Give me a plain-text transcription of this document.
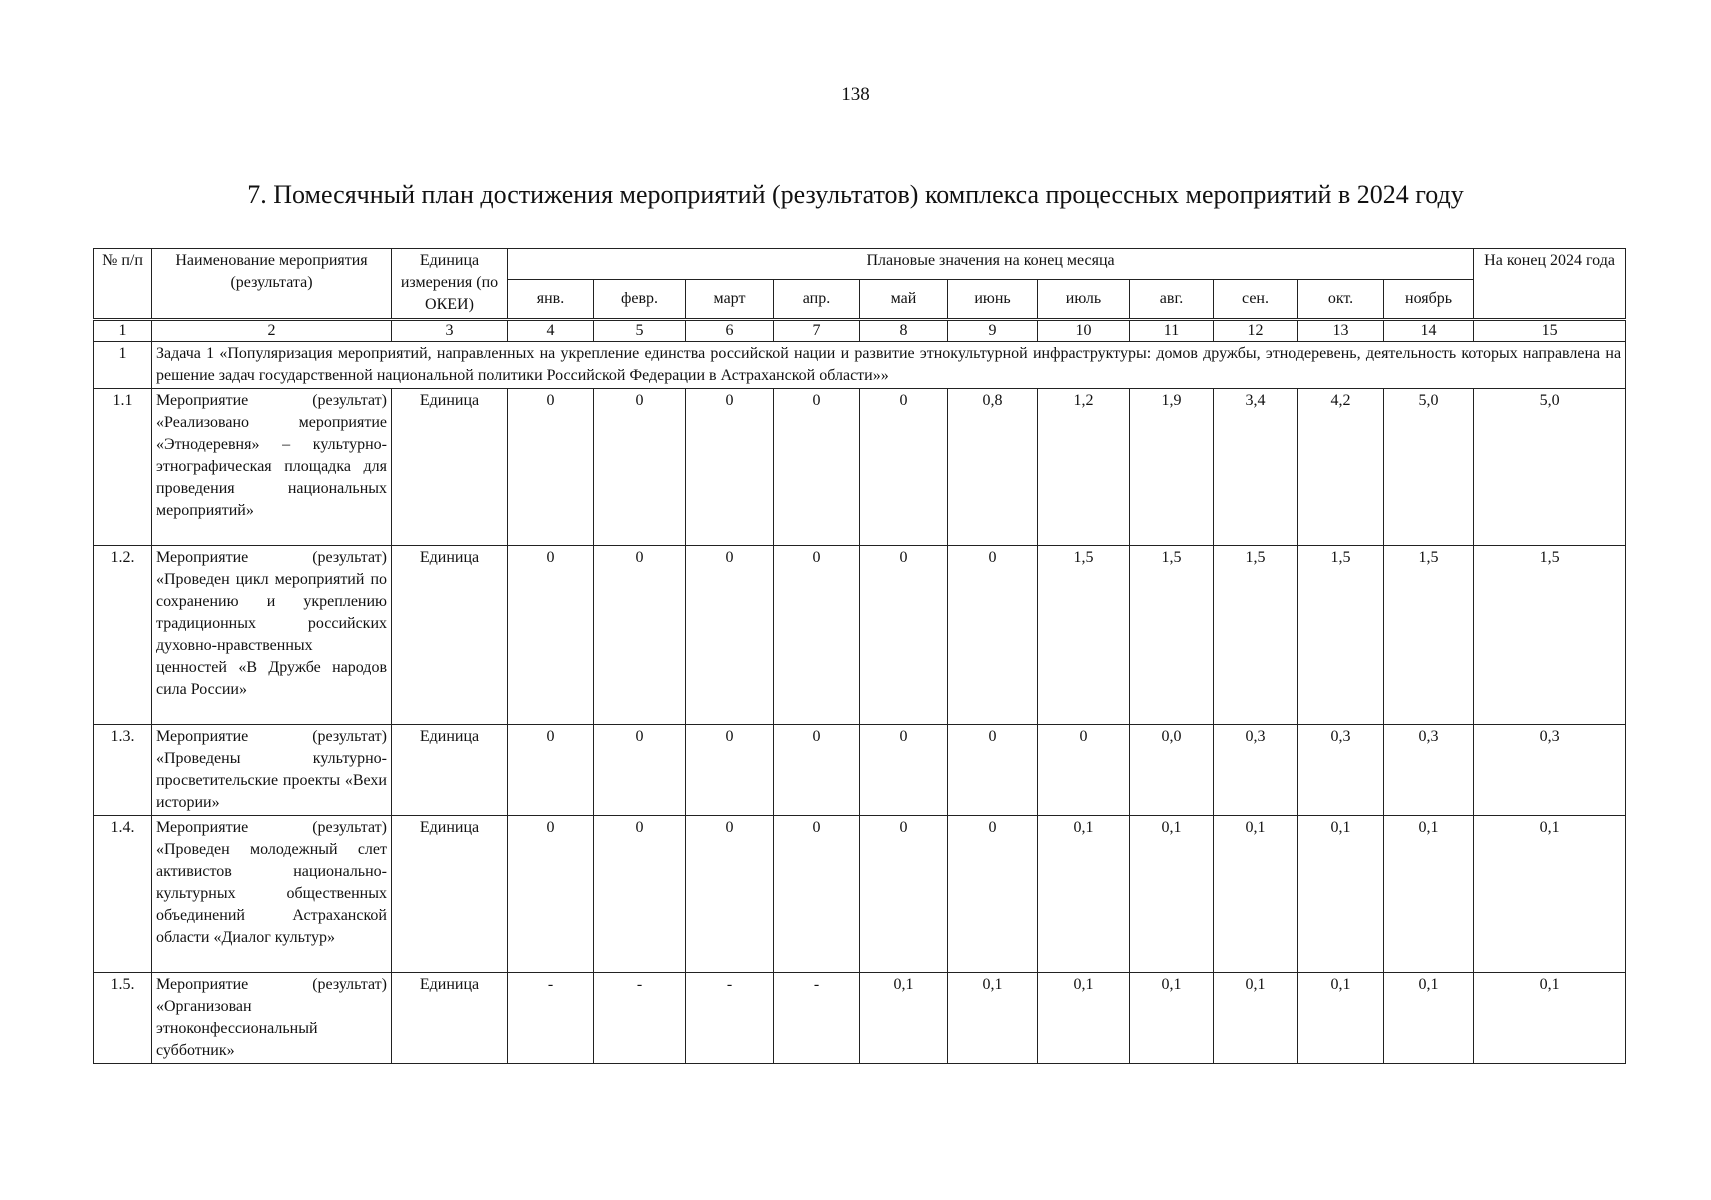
138
7. Помесячный план достижения мероприятий (результатов) комплекса процессных мероприятий в 2024 году
№ п/п	Наименование мероприятия (результата)	Единица измерения (по ОКЕИ)	Плановые значения на конец месяца											На конец 2024 года
			янв.	февр.	март	апр.	май	июнь	июль	авг.	сен.	окт.	ноябрь	
1	2	3	4	5	6	7	8	9	10	11	12	13	14	15
1	Задача 1 «Популяризация мероприятий, направленных на укрепление единства российской нации и развитие этнокультурной инфраструктуры: домов дружбы, этнодеревень, деятельность которых направлена на решение задач государственной национальной политики Российской Федерации в Астраханской области»»													
1.1	Мероприятие (результат) «Реализовано мероприятие «Этнодеревня» – культурно-этнографическая площадка для проведения национальных мероприятий»	Единица	0	0	0	0	0	0,8	1,2	1,9	3,4	4,2	5,0	5,0
1.2.	Мероприятие (результат) «Проведен цикл мероприятий по сохранению и укреплению традиционных российских духовно-нравственных ценностей «В Дружбе народов сила России»	Единица	0	0	0	0	0	0	1,5	1,5	1,5	1,5	1,5	1,5
1.3.	Мероприятие (результат) «Проведены культурно-просветительские проекты «Вехи истории»	Единица	0	0	0	0	0	0	0	0,0	0,3	0,3	0,3	0,3
1.4.	Мероприятие (результат) «Проведен молодежный слет активистов национально-культурных общественных объединений Астраханской области «Диалог культур»	Единица	0	0	0	0	0	0	0,1	0,1	0,1	0,1	0,1	0,1
1.5.	Мероприятие (результат) «Организован этноконфессиональный субботник»	Единица	-	-	-	-	0,1	0,1	0,1	0,1	0,1	0,1	0,1	0,1
